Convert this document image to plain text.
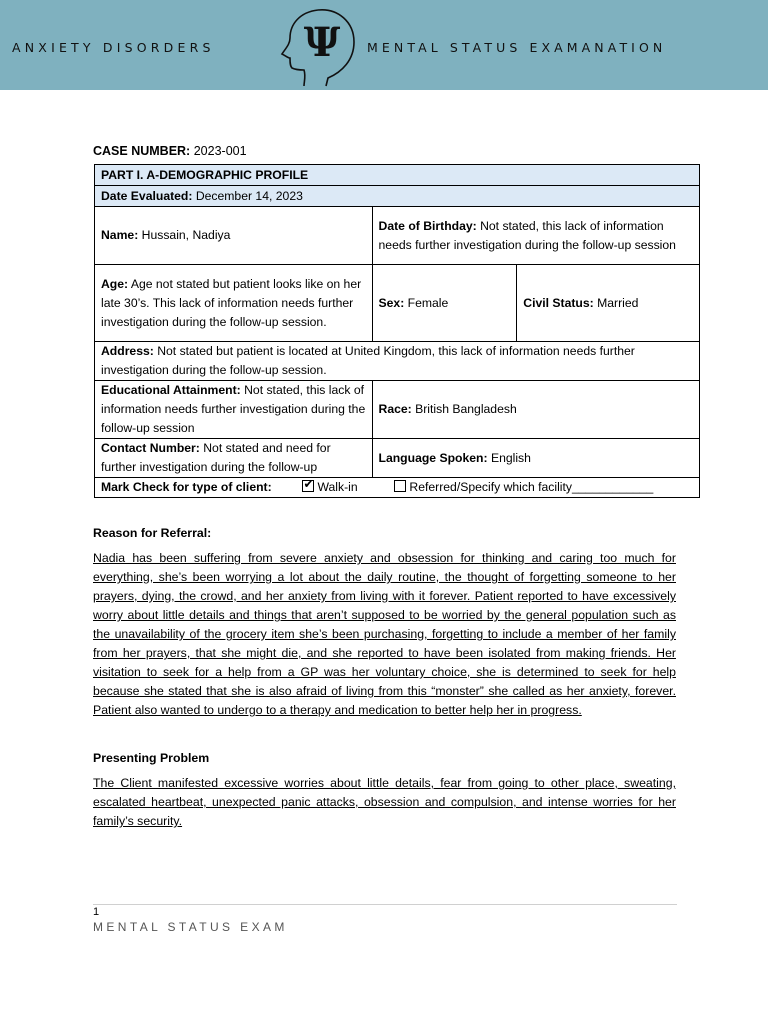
ANXIETY DISORDERS Ψ MENTAL STATUS EXAMANATION
CASE NUMBER: 2023-001
PART I. A-DEMOGRAPHIC PROFILE		
Date Evaluated: December 14, 2023		
Name: Hussain, Nadiya	Date of Birthday: Not stated, this lack of information needs further investigation during the follow-up session	
Age: Age not stated but patient looks like on her late 30’s. This lack of information needs further investigation during the follow-up session.	Sex: Female	Civil Status: Married
Address: Not stated but patient is located at United Kingdom, this lack of information needs further investigation during the follow-up session.		
Educational Attainment: Not stated, this lack of information needs further investigation during the follow-up session	Race: British Bangladesh	
Contact Number: Not stated and need for further investigation during the follow-up	Language Spoken: English	
Mark Check for type of client: ✔ Walk-in Referred/Specify which facility____________
Reason for Referral:
Nadia has been suffering from severe anxiety and obsession for thinking and caring too much for everything, she’s been worrying a lot about the daily routine, the thought of forgetting someone to her prayers, dying, the crowd, and her anxiety from living with it forever. Patient reported to have excessively worry about little details and things that aren’t supposed to be worried by the general population such as the unavailability of the grocery item she’s been purchasing, forgetting to include a member of her family from her prayers, that she might die, and she reported to have been isolated from making friends. Her visitation to seek for a help from a GP was her voluntary choice, she is determined to seek for help because she stated that she is also afraid of living from this “monster” she called as her anxiety, forever. Patient also wanted to undergo to a therapy and medication to better help her in progress.
Presenting Problem
The Client manifested excessive worries about little details, fear from going to other place, sweating, escalated heartbeat, unexpected panic attacks, obsession and compulsion, and intense worries for her family’s security.
1
MENTAL STATUS EXAM
